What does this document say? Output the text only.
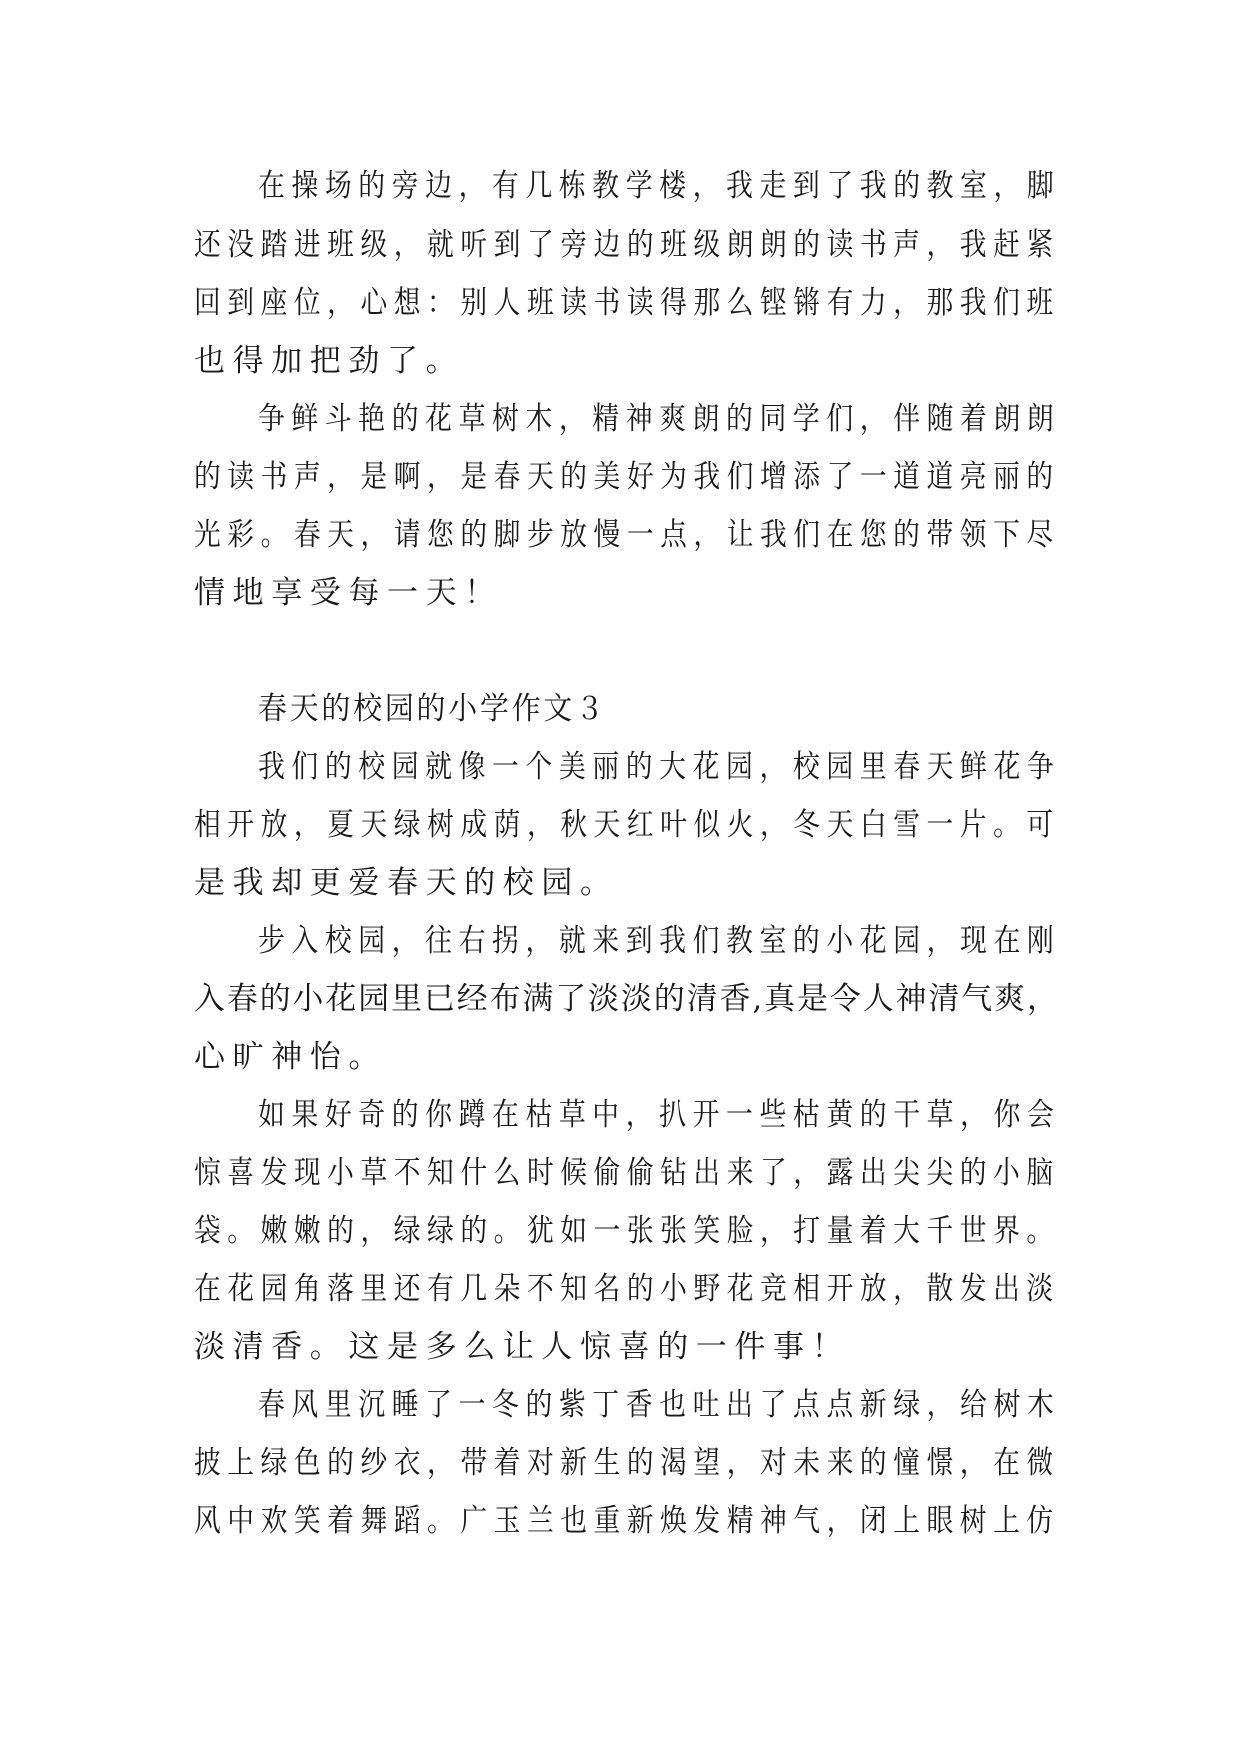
在操场的旁边，有几栋教学楼，我走到了我的教室，脚
还没踏进班级，就听到了旁边的班级朗朗的读书声，我赶紧
回到座位，心想：别人班读书读得那么铿锵有力，那我们班
也得加把劲了。
争鲜斗艳的花草树木，精神爽朗的同学们，伴随着朗朗
的读书声，是啊，是春天的美好为我们增添了一道道亮丽的
光彩。春天，请您的脚步放慢一点，让我们在您的带领下尽
情地享受每一天！
春天的校园的小学作文３
我们的校园就像一个美丽的大花园，校园里春天鲜花争
相开放，夏天绿树成荫，秋天红叶似火，冬天白雪一片。可
是我却更爱春天的校园。
步入校园，往右拐，就来到我们教室的小花园，现在刚
入春的小花园里已经布满了淡淡的清香,真是令人神清气爽，
心旷神怡。
如果好奇的你蹲在枯草中，扒开一些枯黄的干草，你会
惊喜发现小草不知什么时候偷偷钻出来了，露出尖尖的小脑
袋。嫩嫩的，绿绿的。犹如一张张笑脸，打量着大千世界。
在花园角落里还有几朵不知名的小野花竞相开放，散发出淡
淡清香。这是多么让人惊喜的一件事！
春风里沉睡了一冬的紫丁香也吐出了点点新绿，给树木
披上绿色的纱衣，带着对新生的渴望，对未来的憧憬，在微
风中欢笑着舞蹈。广玉兰也重新焕发精神气，闭上眼树上仿
